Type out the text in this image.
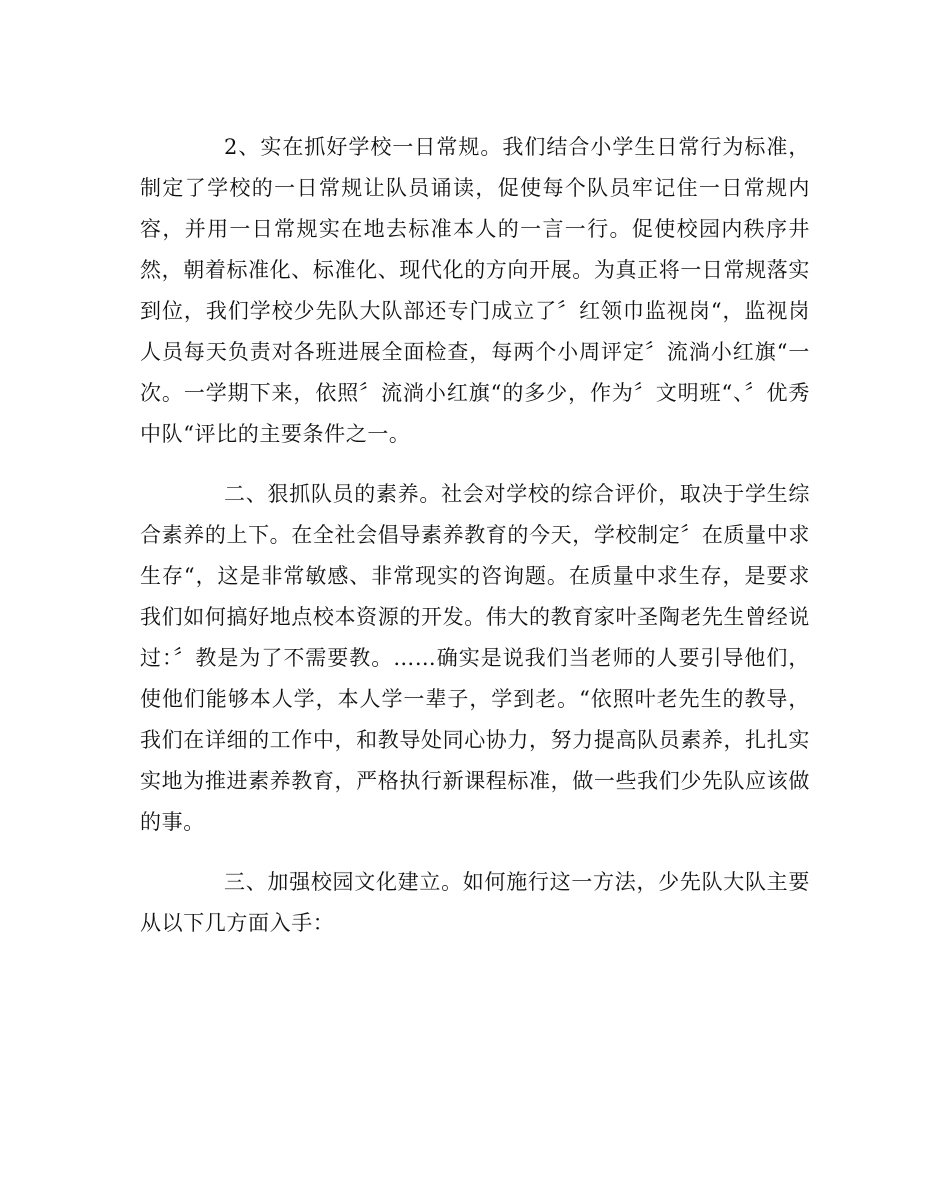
2、实在抓好学校一日常规。我们结合小学生日常行为标准，制定了学校的一日常规让队员诵读，促使每个队员牢记住一日常规内容，并用一日常规实在地去标准本人的一言一行。促使校园内秩序井然，朝着标准化、标准化、现代化的方向开展。为真正将一日常规落实到位，我们学校少先队大队部还专门成立了〞红领巾监视岗“，监视岗人员每天负责对各班进展全面检查，每两个小周评定〞流淌小红旗“一次。一学期下来，依照〞流淌小红旗“的多少，作为〞文明班“、〞优秀中队“评比的主要条件之一。

二、狠抓队员的素养。社会对学校的综合评价，取决于学生综合素养的上下。在全社会倡导素养教育的今天，学校制定〞在质量中求生存“，这是非常敏感、非常现实的咨询题。在质量中求生存，是要求我们如何搞好地点校本资源的开发。伟大的教育家叶圣陶老先生曾经说过：〞教是为了不需要教。……确实是说我们当老师的人要引导他们，使他们能够本人学，本人学一辈子，学到老。“依照叶老先生的教导，我们在详细的工作中，和教导处同心协力，努力提高队员素养，扎扎实实地为推进素养教育，严格执行新课程标准，做一些我们少先队应该做的事。

三、加强校园文化建立。如何施行这一方法，少先队大队主要从以下几方面入手：
